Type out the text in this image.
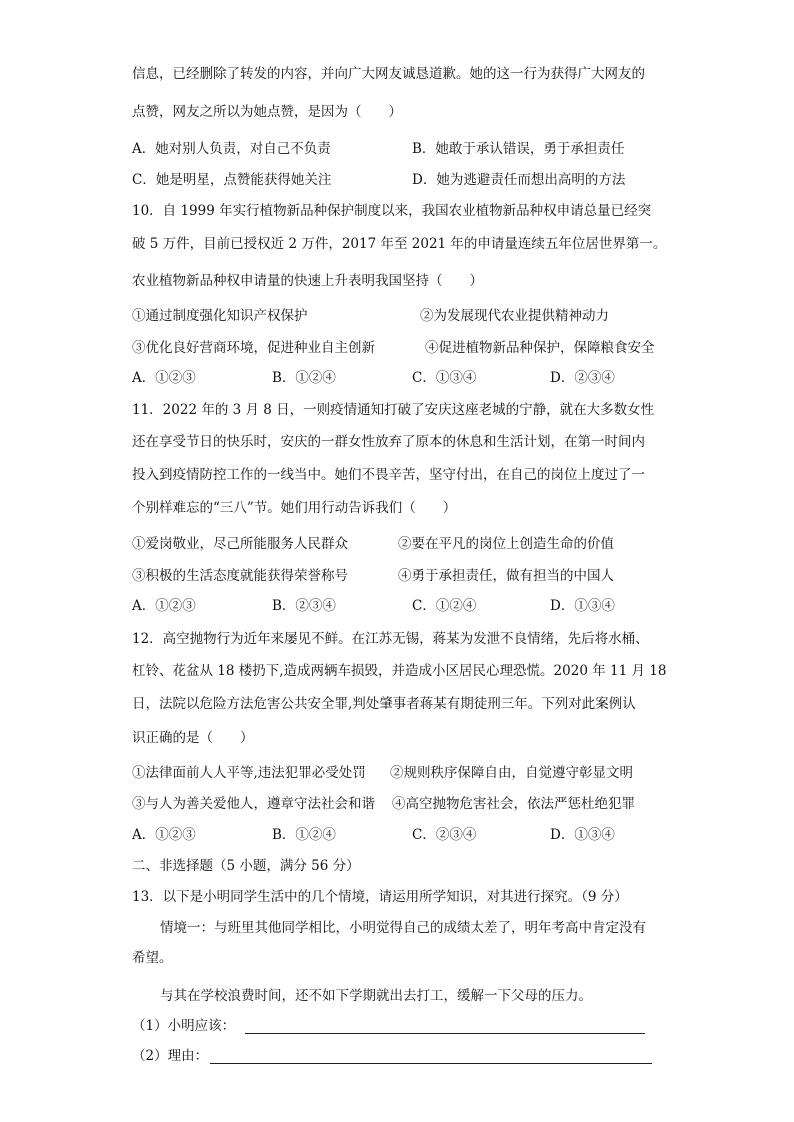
信息，已经删除了转发的内容，并向广大网友诚恳道歉。她的这一行为获得广大网友的
点赞，网友之所以为她点赞，是因为（　　）
A．她对别人负责，对自己不负责	B．她敢于承认错误，勇于承担责任
C．她是明星，点赞能获得她关注	D．她为逃避责任而想出高明的方法
10．自 1999 年实行植物新品种保护制度以来，我国农业植物新品种权申请总量已经突
破 5 万件，目前已授权近 2 万件，2017 年至 2021 年的申请量连续五年位居世界第一。
农业植物新品种权申请量的快速上升表明我国坚持（　　）
①通过制度强化知识产权保护	②为发展现代农业提供精神动力
③优化良好营商环境，促进种业自主创新	④促进植物新品种保护，保障粮食安全
A．①②③	B．①②④	C．①③④	D．②③④
11．2022 年的 3 月 8 日，一则疫情通知打破了安庆这座老城的宁静，就在大多数女性
还在享受节日的快乐时，安庆的一群女性放弃了原本的休息和生活计划，在第一时间内
投入到疫情防控工作的一线当中。她们不畏辛苦，坚守付出，在自己的岗位上度过了一
个别样难忘的“三八”节。她们用行动告诉我们（　　）
①爱岗敬业，尽己所能服务人民群众	②要在平凡的岗位上创造生命的价值
③积极的生活态度就能获得荣誉称号	④勇于承担责任，做有担当的中国人
A．①②③	B．②③④	C．①②④	D．①③④
12．高空抛物行为近年来屡见不鲜。在江苏无锡，蒋某为发泄不良情绪，先后将水桶、
杠铃、花盆从 18 楼扔下,造成两辆车损毁，并造成小区居民心理恐慌。2020 年 11 月 18
日，法院以危险方法危害公共安全罪,判处肇事者蒋某有期徒刑三年。下列对此案例认
识正确的是（　　）
①法律面前人人平等,违法犯罪必受处罚 ②规则秩序保障自由，自觉遵守彰显文明
③与人为善关爱他人，遵章守法社会和谐 ④高空抛物危害社会，依法严惩杜绝犯罪
A．①②③	B．①②④	C．②③④	D．①③④
二、非选择题（5 小题，满分 56 分）
13．以下是小明同学生活中的几个情境，请运用所学知识，对其进行探究。（9 分）
情境一：与班里其他同学相比，小明觉得自己的成绩太差了，明年考高中肯定没有
希望。
与其在学校浪费时间，还不如下学期就出去打工，缓解一下父母的压力。
（1）小明应该：
（2）理由：
